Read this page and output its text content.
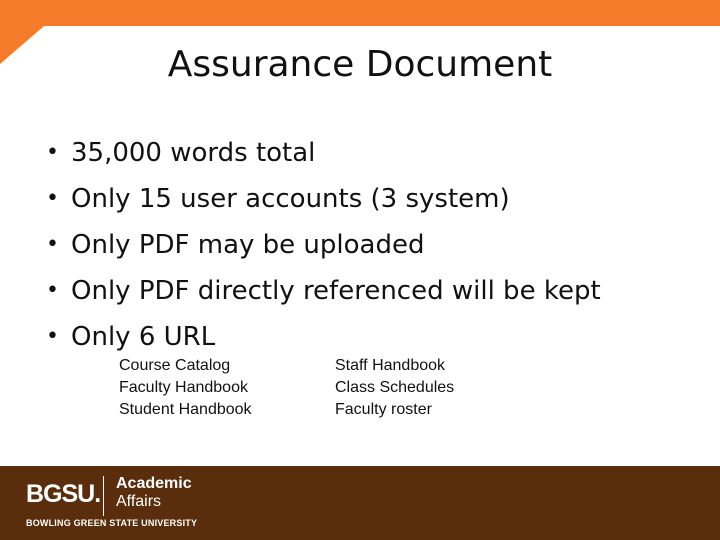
Assurance Document
• 35,000 words total
• Only 15 user accounts (3 system)
• Only PDF may be uploaded
• Only PDF directly referenced will be kept
• Only 6 URL
Course Catalog
Faculty Handbook
Student Handbook
Staff Handbook
Class Schedules
Faculty roster
BGSU. Academic
Affairs
BOWLING GREEN STATE UNIVERSITY
